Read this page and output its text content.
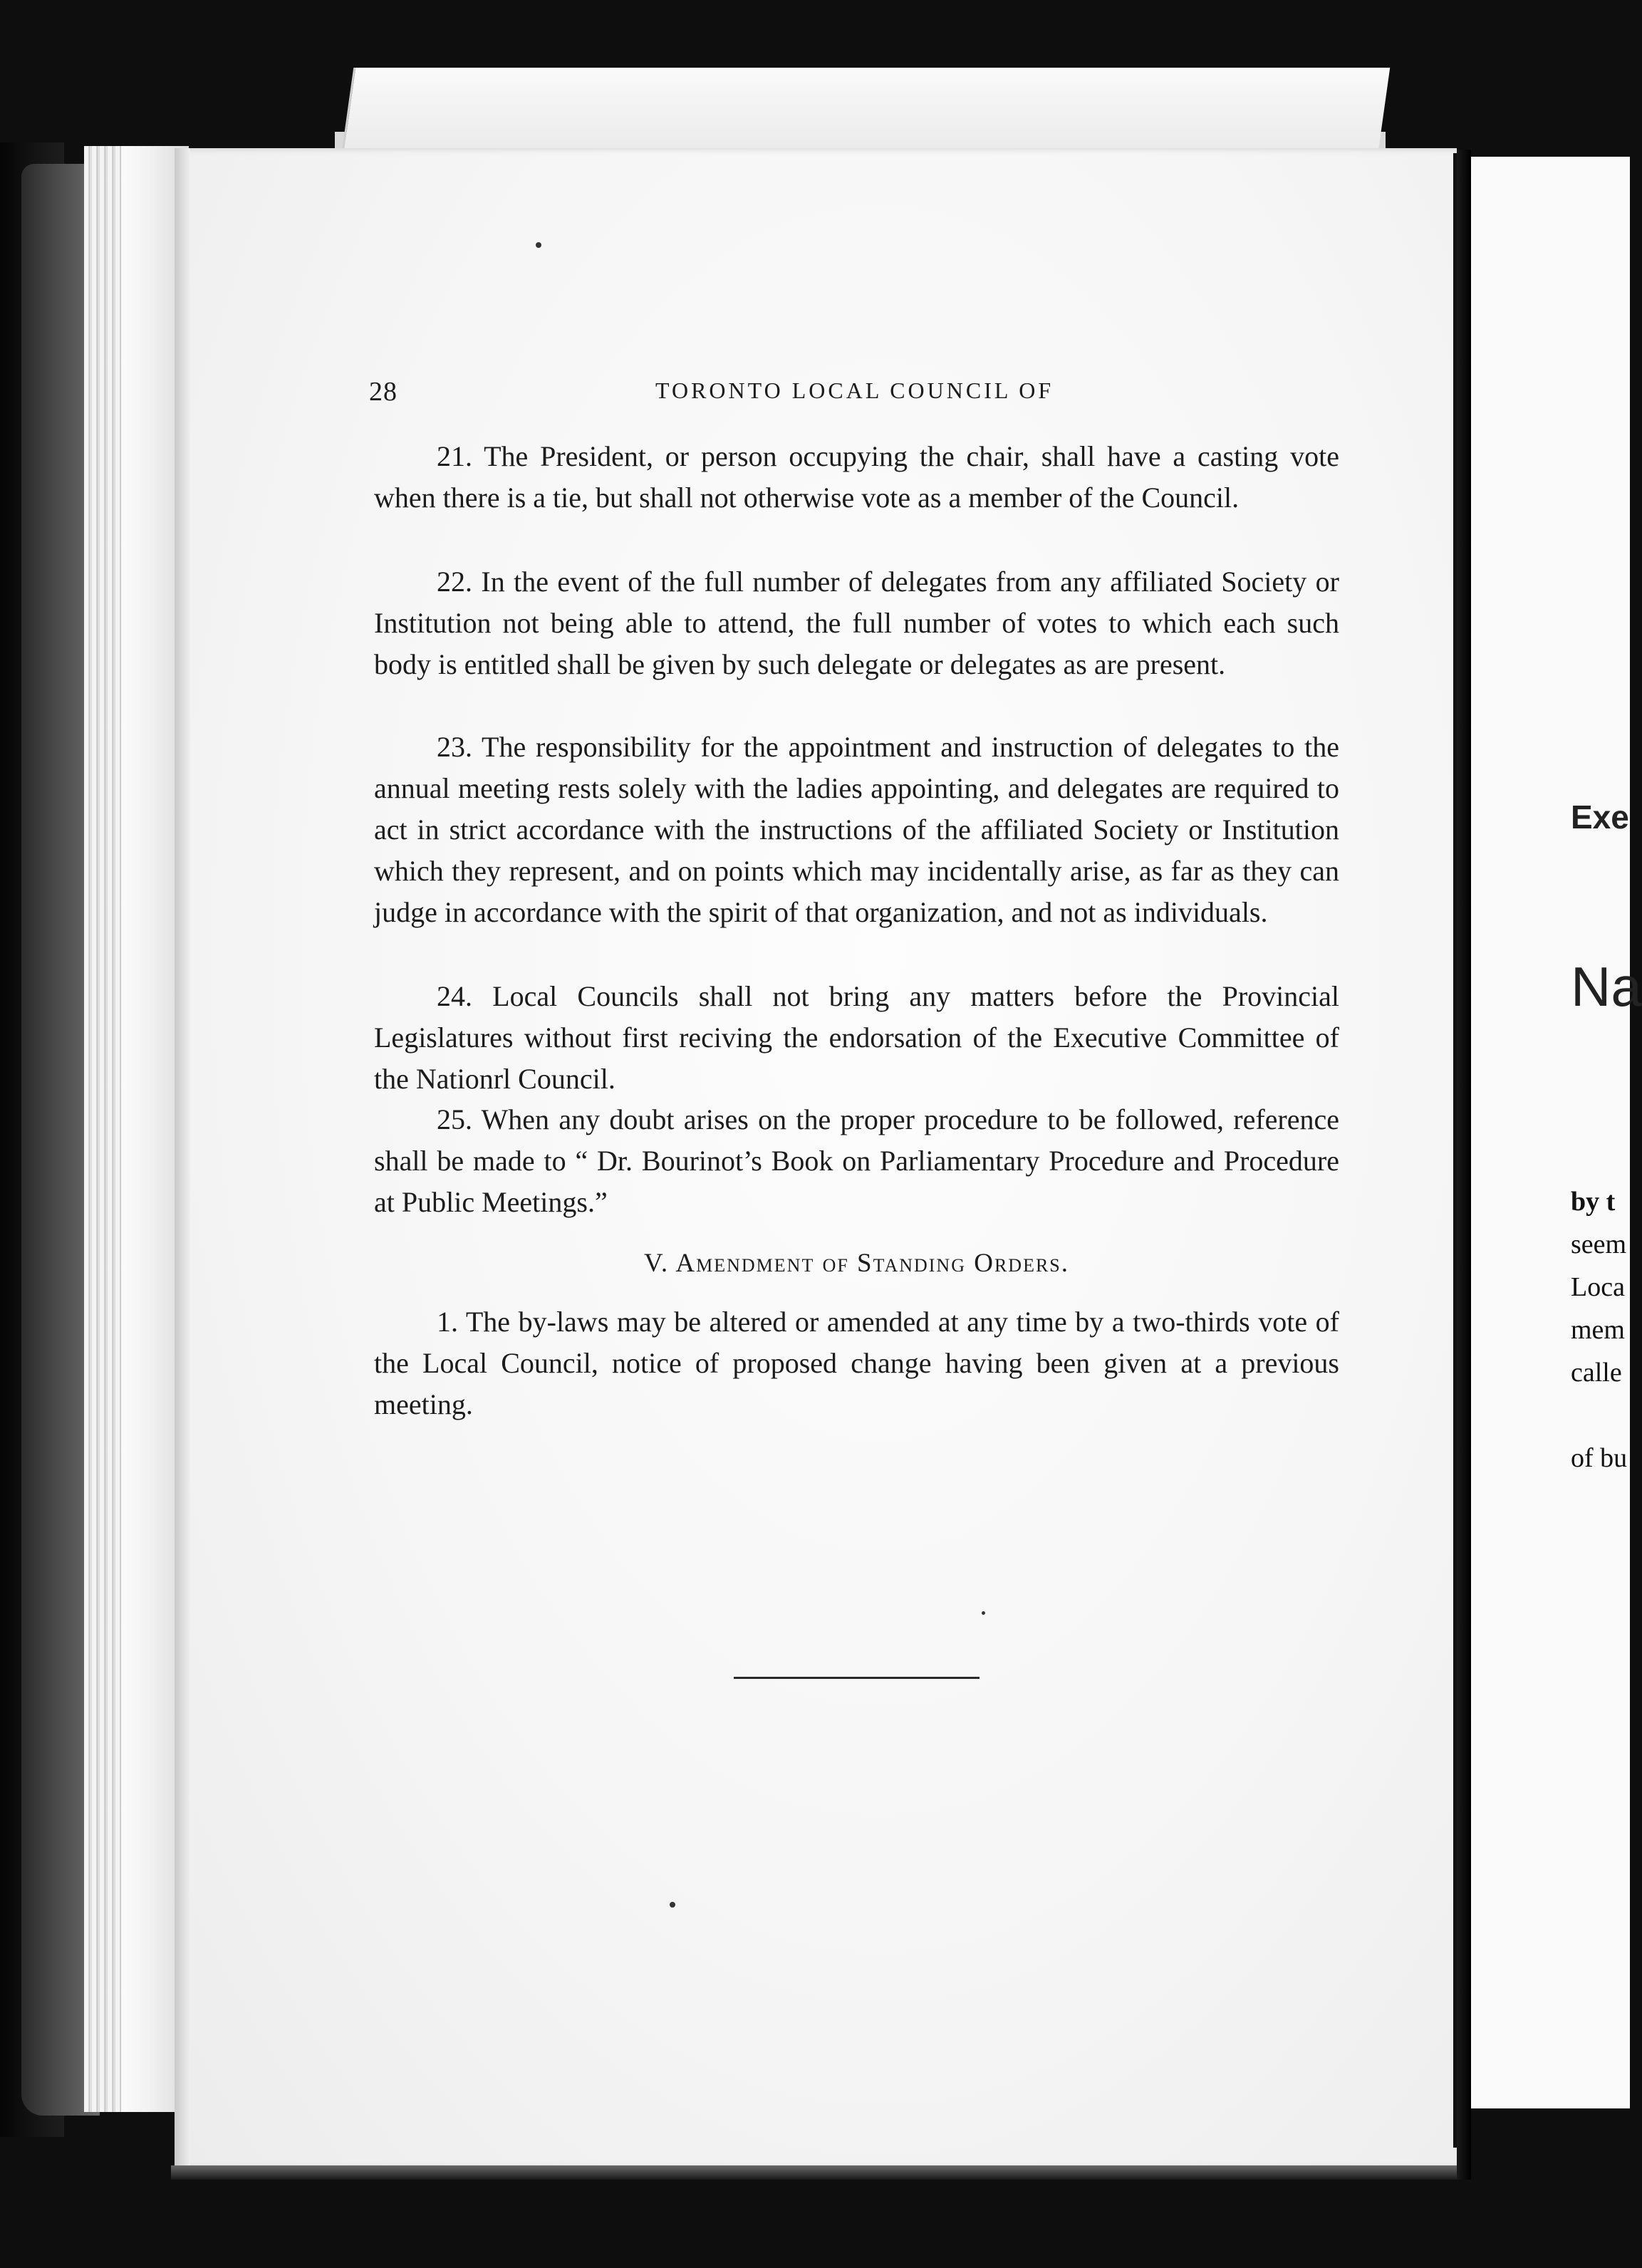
28	TORONTO LOCAL COUNCIL OF

21. The President, or person occupying the chair, shall have a casting vote when there is a tie, but shall not otherwise vote as a member of the Council.

22. In the event of the full number of delegates from any affiliated Society or Institution not being able to attend, the full number of votes to which each such body is entitled shall be given by such delegate or delegates as are present.

23. The responsibility for the appointment and instruction of delegates to the annual meeting rests solely with the ladies appointing, and delegates are required to act in strict accordance with the instructions of the affiliated Society or Institution which they represent, and on points which may incidentally arise, as far as they can judge in accordance with the spirit of that organization, and not as individuals.

24. Local Councils shall not bring any matters before the Provincial Legislatures without first reciving the endorsation of the Executive Committee of the Nationrl Council.

25. When any doubt arises on the proper procedure to be followed, reference shall be made to “ Dr. Bourinot’s Book on Parliamentary Procedure and Procedure at Public Meetings.”

V. Amendment of Standing Orders.

1. The by-laws may be altered or amended at any time by a two-thirds vote of the Local Council, notice of proposed change having been given at a previous meeting.

Exe
Na
by t
seem
Loca
mem
calle
of bu
